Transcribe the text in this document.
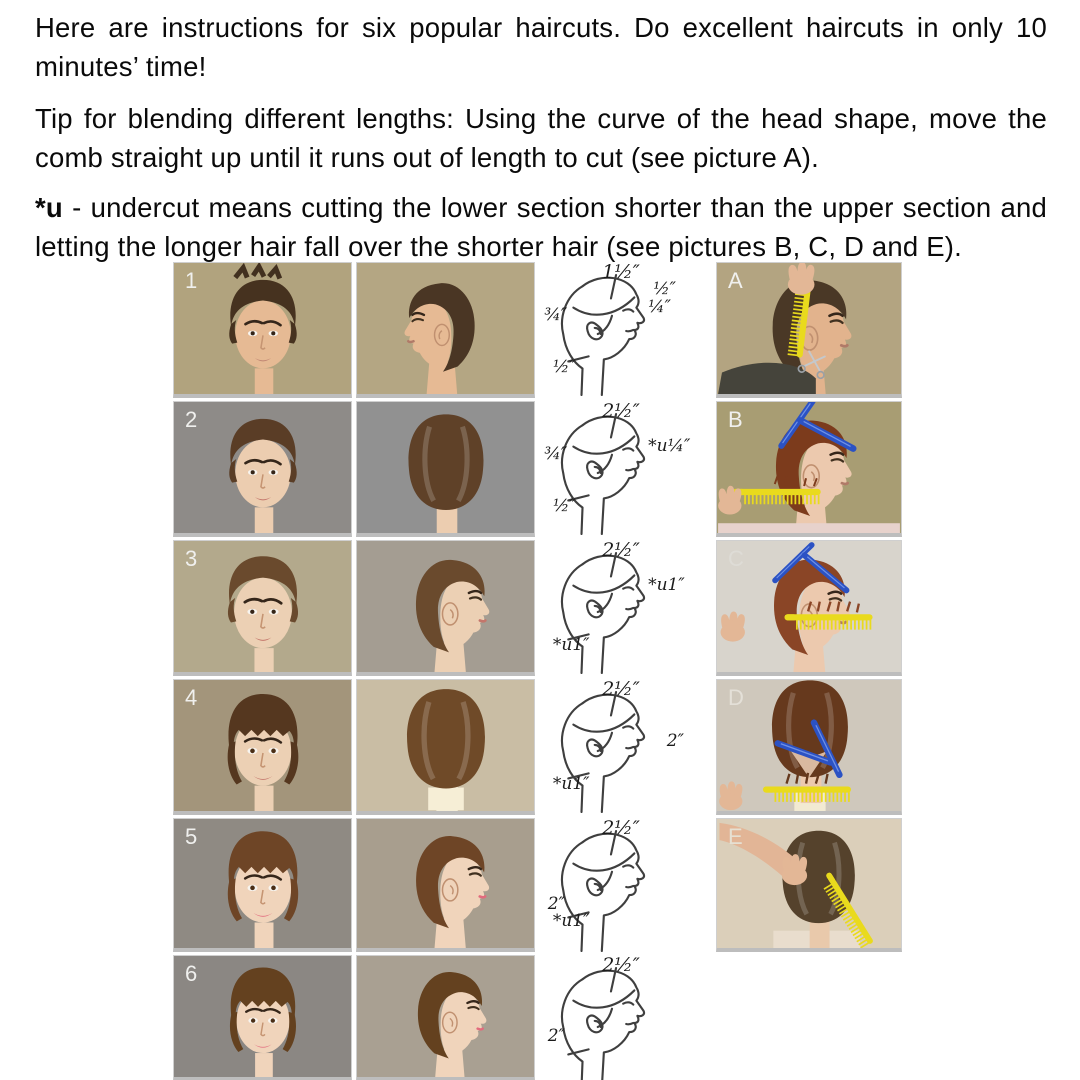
Here are instructions for six popular haircuts. Do excellent haircuts in only 10
minutes’ time!
Tip for blending different lengths: Using the curve of the head shape, move the
comb straight up until it runs out of length to cut (see picture A).
*u - undercut means cutting the lower section shorter than the upper section and
letting the longer hair fall over the shorter hair (see pictures B, C, D and E).
1	1½″
½″
¼″
¾″
½″
A
2	2½″
*u¼″
¾″
½″
B
3	2½″
*u1″
*u1″
C
4	2½″
2″
*u1″
D
5	2½″
2″
*u1″
E
6	2½″
2″
